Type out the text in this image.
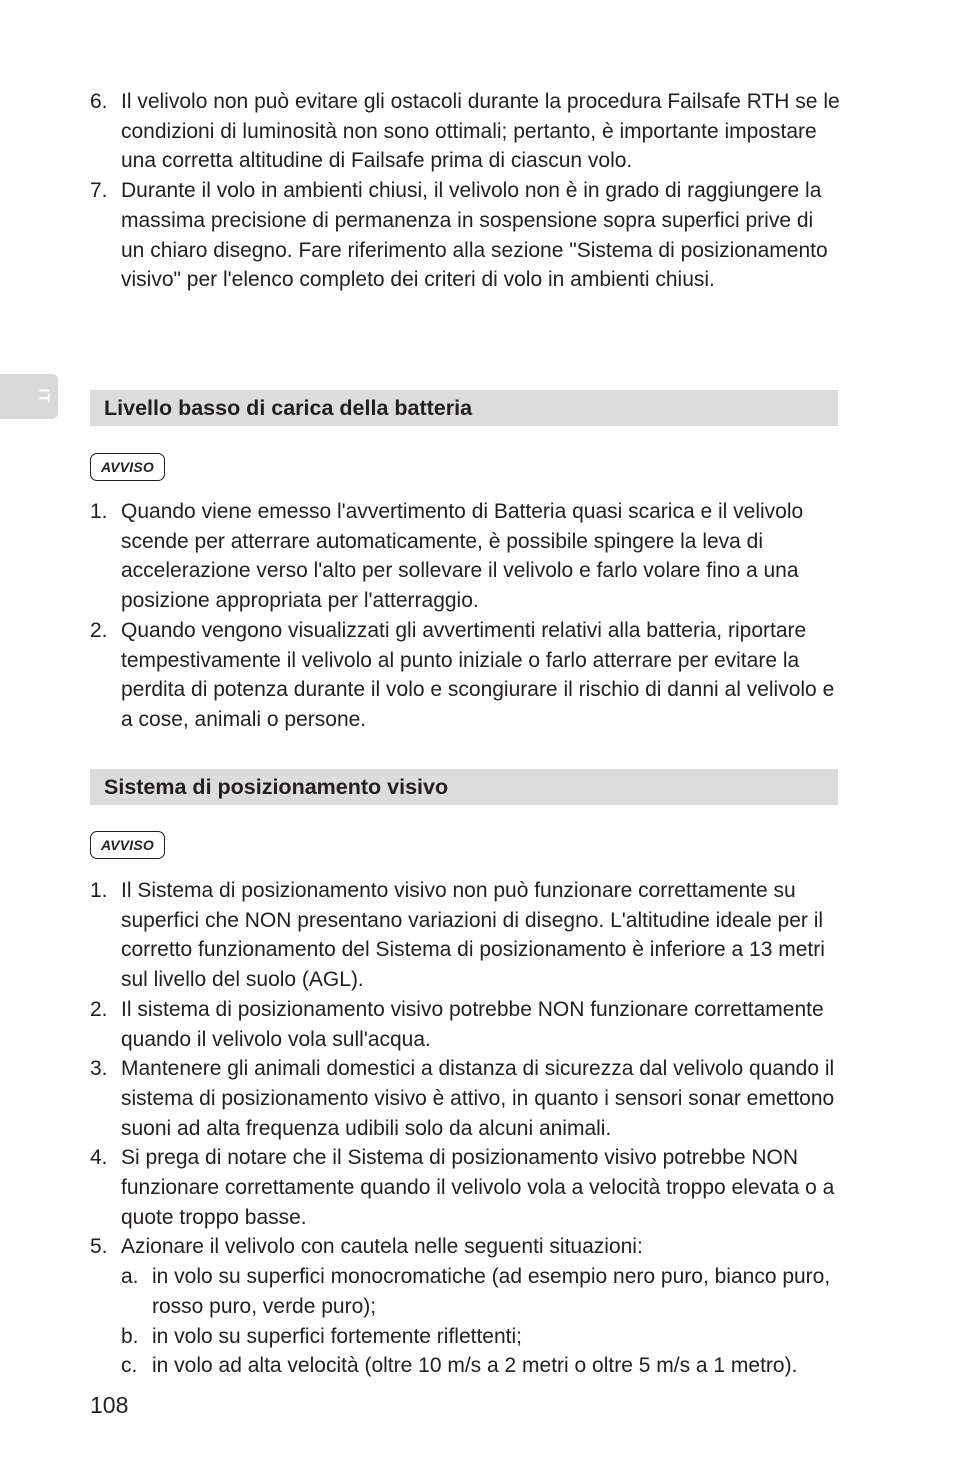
IT
6. Il velivolo non può evitare gli ostacoli durante la procedura Failsafe RTH se le condizioni di luminosità non sono ottimali; pertanto, è importante impostare una corretta altitudine di Failsafe prima di ciascun volo.
7. Durante il volo in ambienti chiusi, il velivolo non è in grado di raggiungere la massima precisione di permanenza in sospensione sopra superfici prive di un chiaro disegno. Fare riferimento alla sezione "Sistema di posizionamento visivo" per l'elenco completo dei criteri di volo in ambienti chiusi.
Livello basso di carica della batteria
AVVISO
1. Quando viene emesso l'avvertimento di Batteria quasi scarica e il velivolo scende per atterrare automaticamente, è possibile spingere la leva di accelerazione verso l'alto per sollevare il velivolo e farlo volare fino a una posizione appropriata per l'atterraggio.
2. Quando vengono visualizzati gli avvertimenti relativi alla batteria, riportare tempestivamente il velivolo al punto iniziale o farlo atterrare per evitare la perdita di potenza durante il volo e scongiurare il rischio di danni al velivolo e a cose, animali o persone.
Sistema di posizionamento visivo
AVVISO
1. Il Sistema di posizionamento visivo non può funzionare correttamente su superfici che NON presentano variazioni di disegno. L'altitudine ideale per il corretto funzionamento del Sistema di posizionamento è inferiore a 13 metri sul livello del suolo (AGL).
2. Il sistema di posizionamento visivo potrebbe NON funzionare correttamente quando il velivolo vola sull'acqua.
3. Mantenere gli animali domestici a distanza di sicurezza dal velivolo quando il sistema di posizionamento visivo è attivo, in quanto i sensori sonar emettono suoni ad alta frequenza udibili solo da alcuni animali.
4. Si prega di notare che il Sistema di posizionamento visivo potrebbe NON funzionare correttamente quando il velivolo vola a velocità troppo elevata o a quote troppo basse.
5. Azionare il velivolo con cautela nelle seguenti situazioni:
a. in volo su superfici monocromatiche (ad esempio nero puro, bianco puro, rosso puro, verde puro);
b. in volo su superfici fortemente riflettenti;
c. in volo ad alta velocità (oltre 10 m/s a 2 metri o oltre 5 m/s a 1 metro).
108
